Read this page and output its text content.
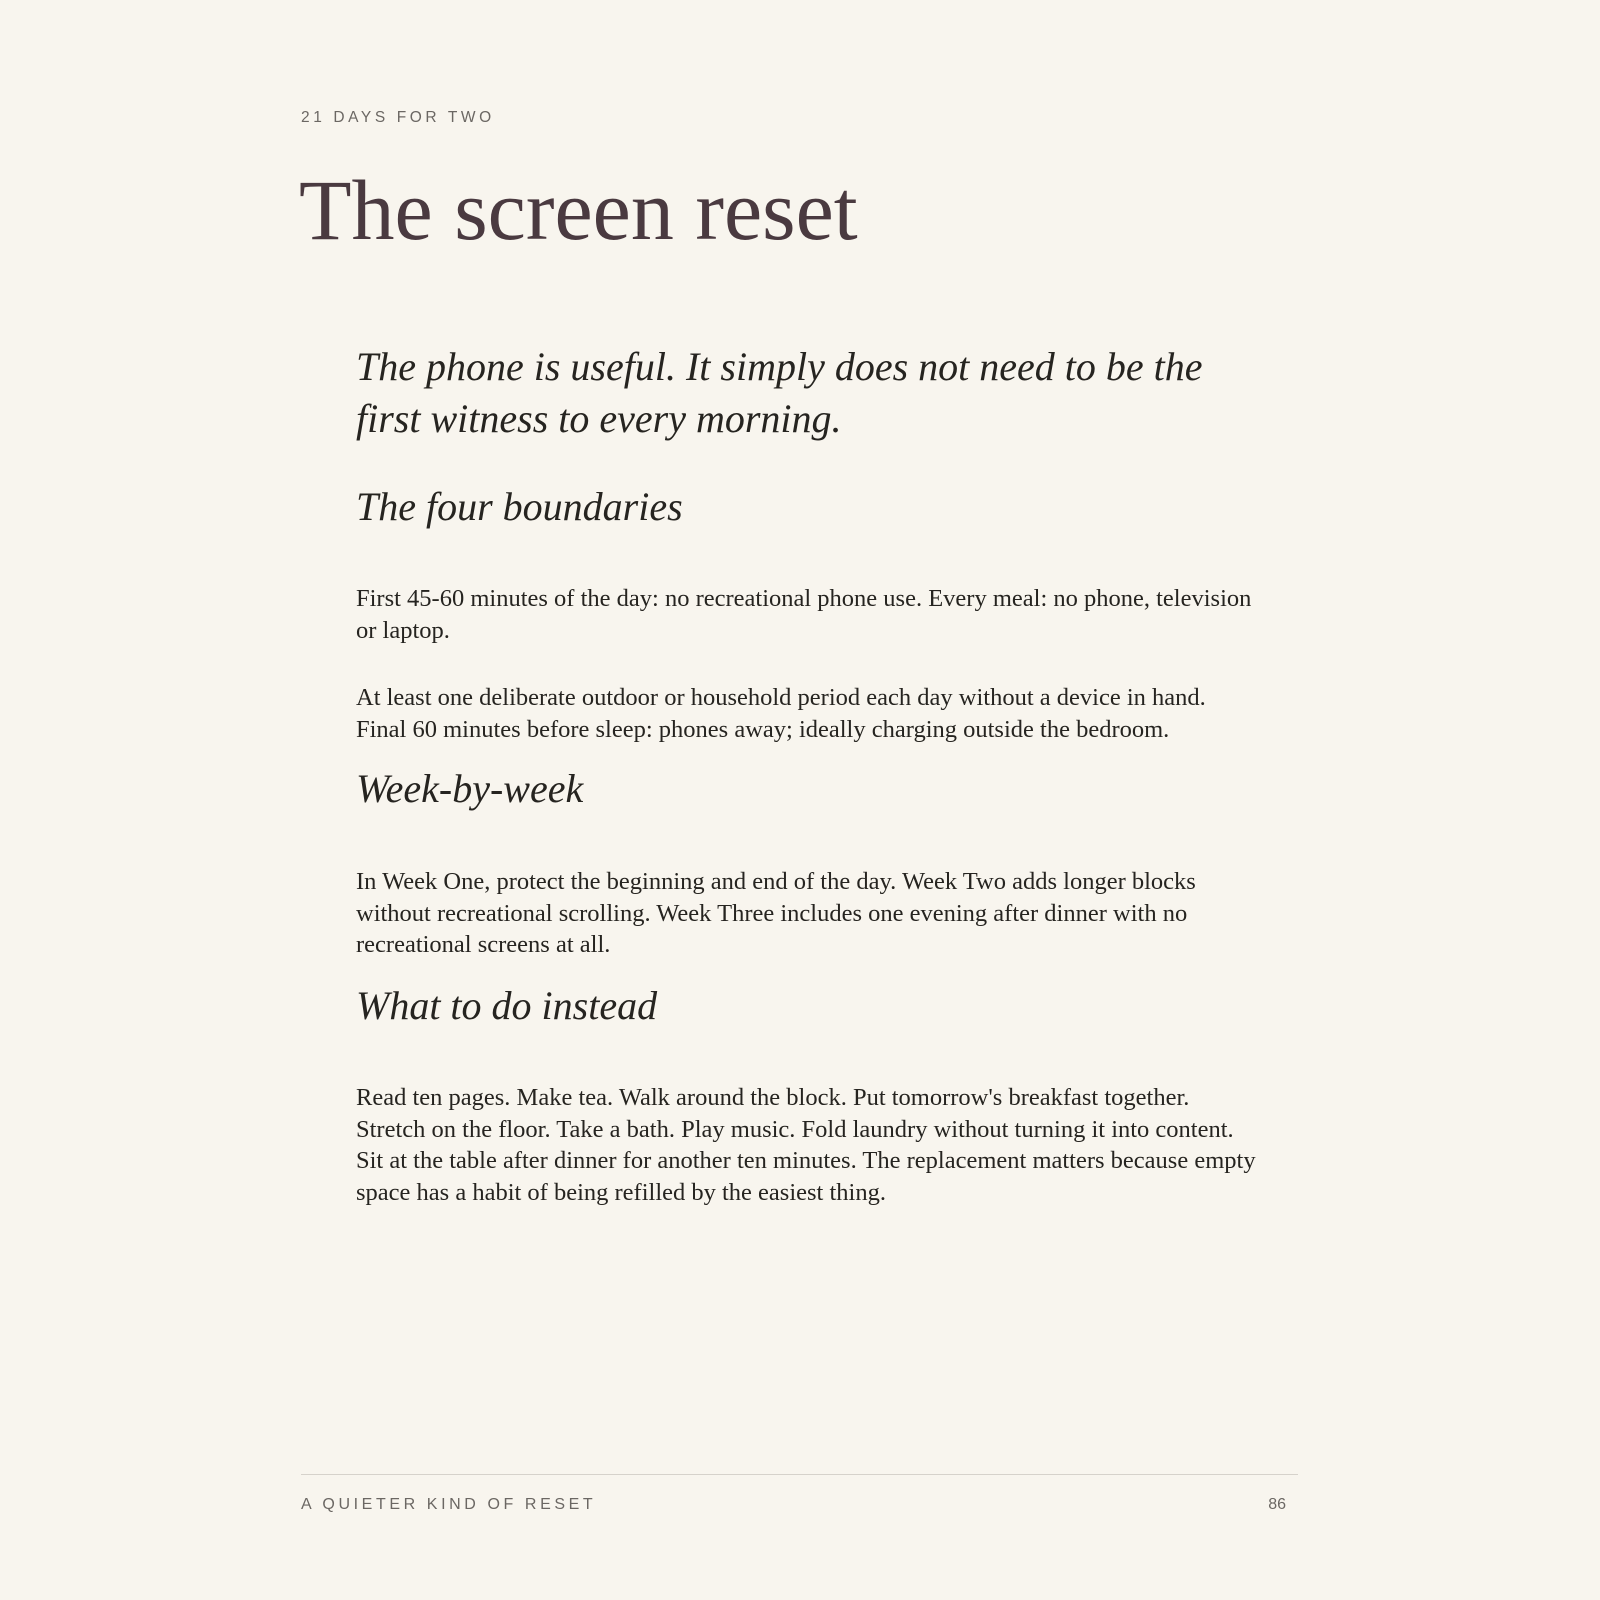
21 DAYS FOR TWO
The screen reset

The phone is useful. It simply does not need to be the first witness to every morning.

The four boundaries

First 45-60 minutes of the day: no recreational phone use. Every meal: no phone, television or laptop.

At least one deliberate outdoor or household period each day without a device in hand. Final 60 minutes before sleep: phones away; ideally charging outside the bedroom.

Week-by-week

In Week One, protect the beginning and end of the day. Week Two adds longer blocks without recreational scrolling. Week Three includes one evening after dinner with no recreational screens at all.

What to do instead

Read ten pages. Make tea. Walk around the block. Put tomorrow's breakfast together. Stretch on the floor. Take a bath. Play music. Fold laundry without turning it into content. Sit at the table after dinner for another ten minutes. The replacement matters because empty space has a habit of being refilled by the easiest thing.

A QUIETER KIND OF RESET	86
